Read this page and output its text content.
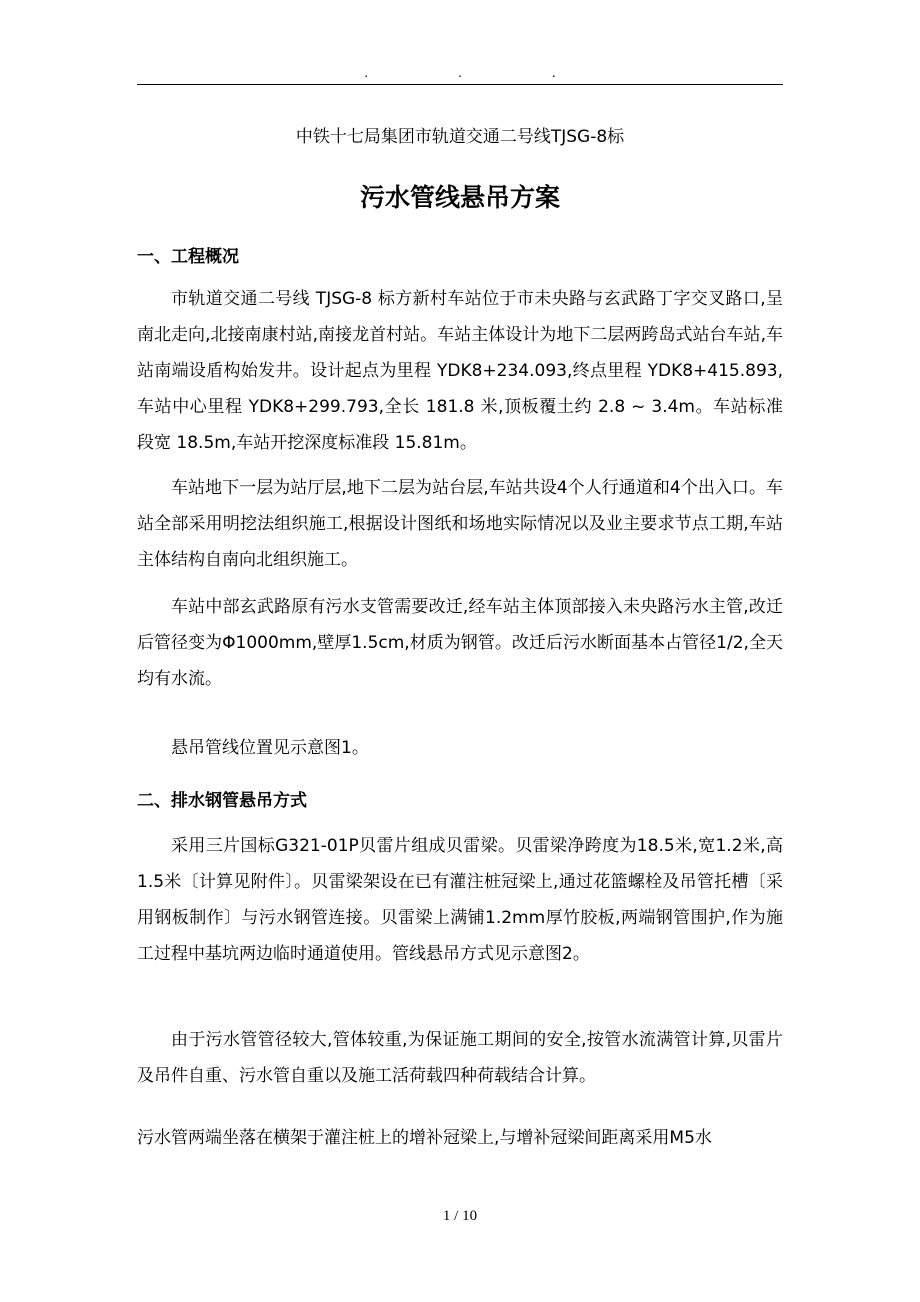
...
中铁十七局集团市轨道交通二号线TJSG-8标
污水管线悬吊方案
一、工程概况

市轨道交通二号线 TJSG-8 标方新村车站位于市未央路与玄武路丁字交叉路口,呈南北走向,北接南康村站,南接龙首村站。车站主体设计为地下二层两跨岛式站台车站,车站南端设盾构始发井。设计起点为里程 YDK8+234.093,终点里程 YDK8+415.893,车站中心里程 YDK8+299.793,全长 181.8 米,顶板覆土约 2.8 ~ 3.4m。车站标准段宽 18.5m,车站开挖深度标准段 15.81m。

车站地下一层为站厅层,地下二层为站台层,车站共设4个人行通道和4个出入口。车站全部采用明挖法组织施工,根据设计图纸和场地实际情况以及业主要求节点工期,车站主体结构自南向北组织施工。

车站中部玄武路原有污水支管需要改迁,经车站主体顶部接入未央路污水主管,改迁后管径变为Φ1000mm,壁厚1.5cm,材质为钢管。改迁后污水断面基本占管径1/2,全天均有水流。

悬吊管线位置见示意图1。

二、排水钢管悬吊方式

采用三片国标G321-01P贝雷片组成贝雷梁。贝雷梁净跨度为18.5米,宽1.2米,高1.5米〔计算见附件〕。贝雷梁架设在已有灌注桩冠梁上,通过花篮螺栓及吊管托槽〔采用钢板制作〕与污水钢管连接。贝雷梁上满铺1.2mm厚竹胶板,两端钢管围护,作为施工过程中基坑两边临时通道使用。管线悬吊方式见示意图2。

由于污水管管径较大,管体较重,为保证施工期间的安全,按管水流满管计算,贝雷片及吊件自重、污水管自重以及施工活荷载四种荷载结合计算。

污水管两端坐落在横架于灌注桩上的增补冠梁上,与增补冠梁间距离采用M5水

1 / 10
